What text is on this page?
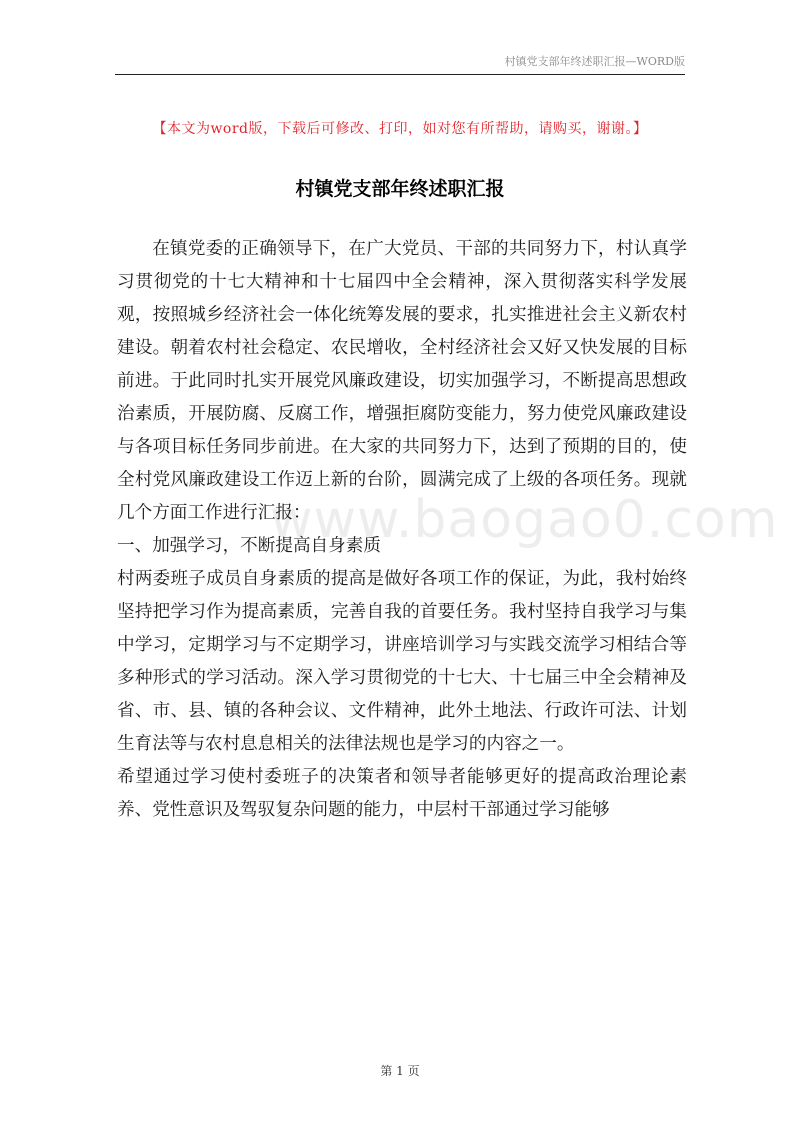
村镇党支部年终述职汇报—WORD版
【本文为word版，下载后可修改、打印，如对您有所帮助，请购买，谢谢。】
村镇党支部年终述职汇报
www.baogao0.com

在镇党委的正确领导下，在广大党员、干部的共同努力下，村认真学习贯彻党的十七大精神和十七届四中全会精神，深入贯彻落实科学发展观，按照城乡经济社会一体化统筹发展的要求，扎实推进社会主义新农村建设。朝着农村社会稳定、农民增收，全村经济社会又好又快发展的目标前进。于此同时扎实开展党风廉政建设，切实加强学习，不断提高思想政治素质，开展防腐、反腐工作，增强拒腐防变能力，努力使党风廉政建设与各项目标任务同步前进。在大家的共同努力下，达到了预期的目的，使全村党风廉政建设工作迈上新的台阶，圆满完成了上级的各项任务。现就几个方面工作进行汇报：

一、加强学习，不断提高自身素质

村两委班子成员自身素质的提高是做好各项工作的保证，为此，我村始终坚持把学习作为提高素质，完善自我的首要任务。我村坚持自我学习与集中学习，定期学习与不定期学习，讲座培训学习与实践交流学习相结合等多种形式的学习活动。深入学习贯彻党的十七大、十七届三中全会精神及省、市、县、镇的各种会议、文件精神，此外土地法、行政许可法、计划生育法等与农村息息相关的法律法规也是学习的内容之一。

希望通过学习使村委班子的决策者和领导者能够更好的提高政治理论素养、党性意识及驾驭复杂问题的能力，中层村干部通过学习能够

第 1 页
